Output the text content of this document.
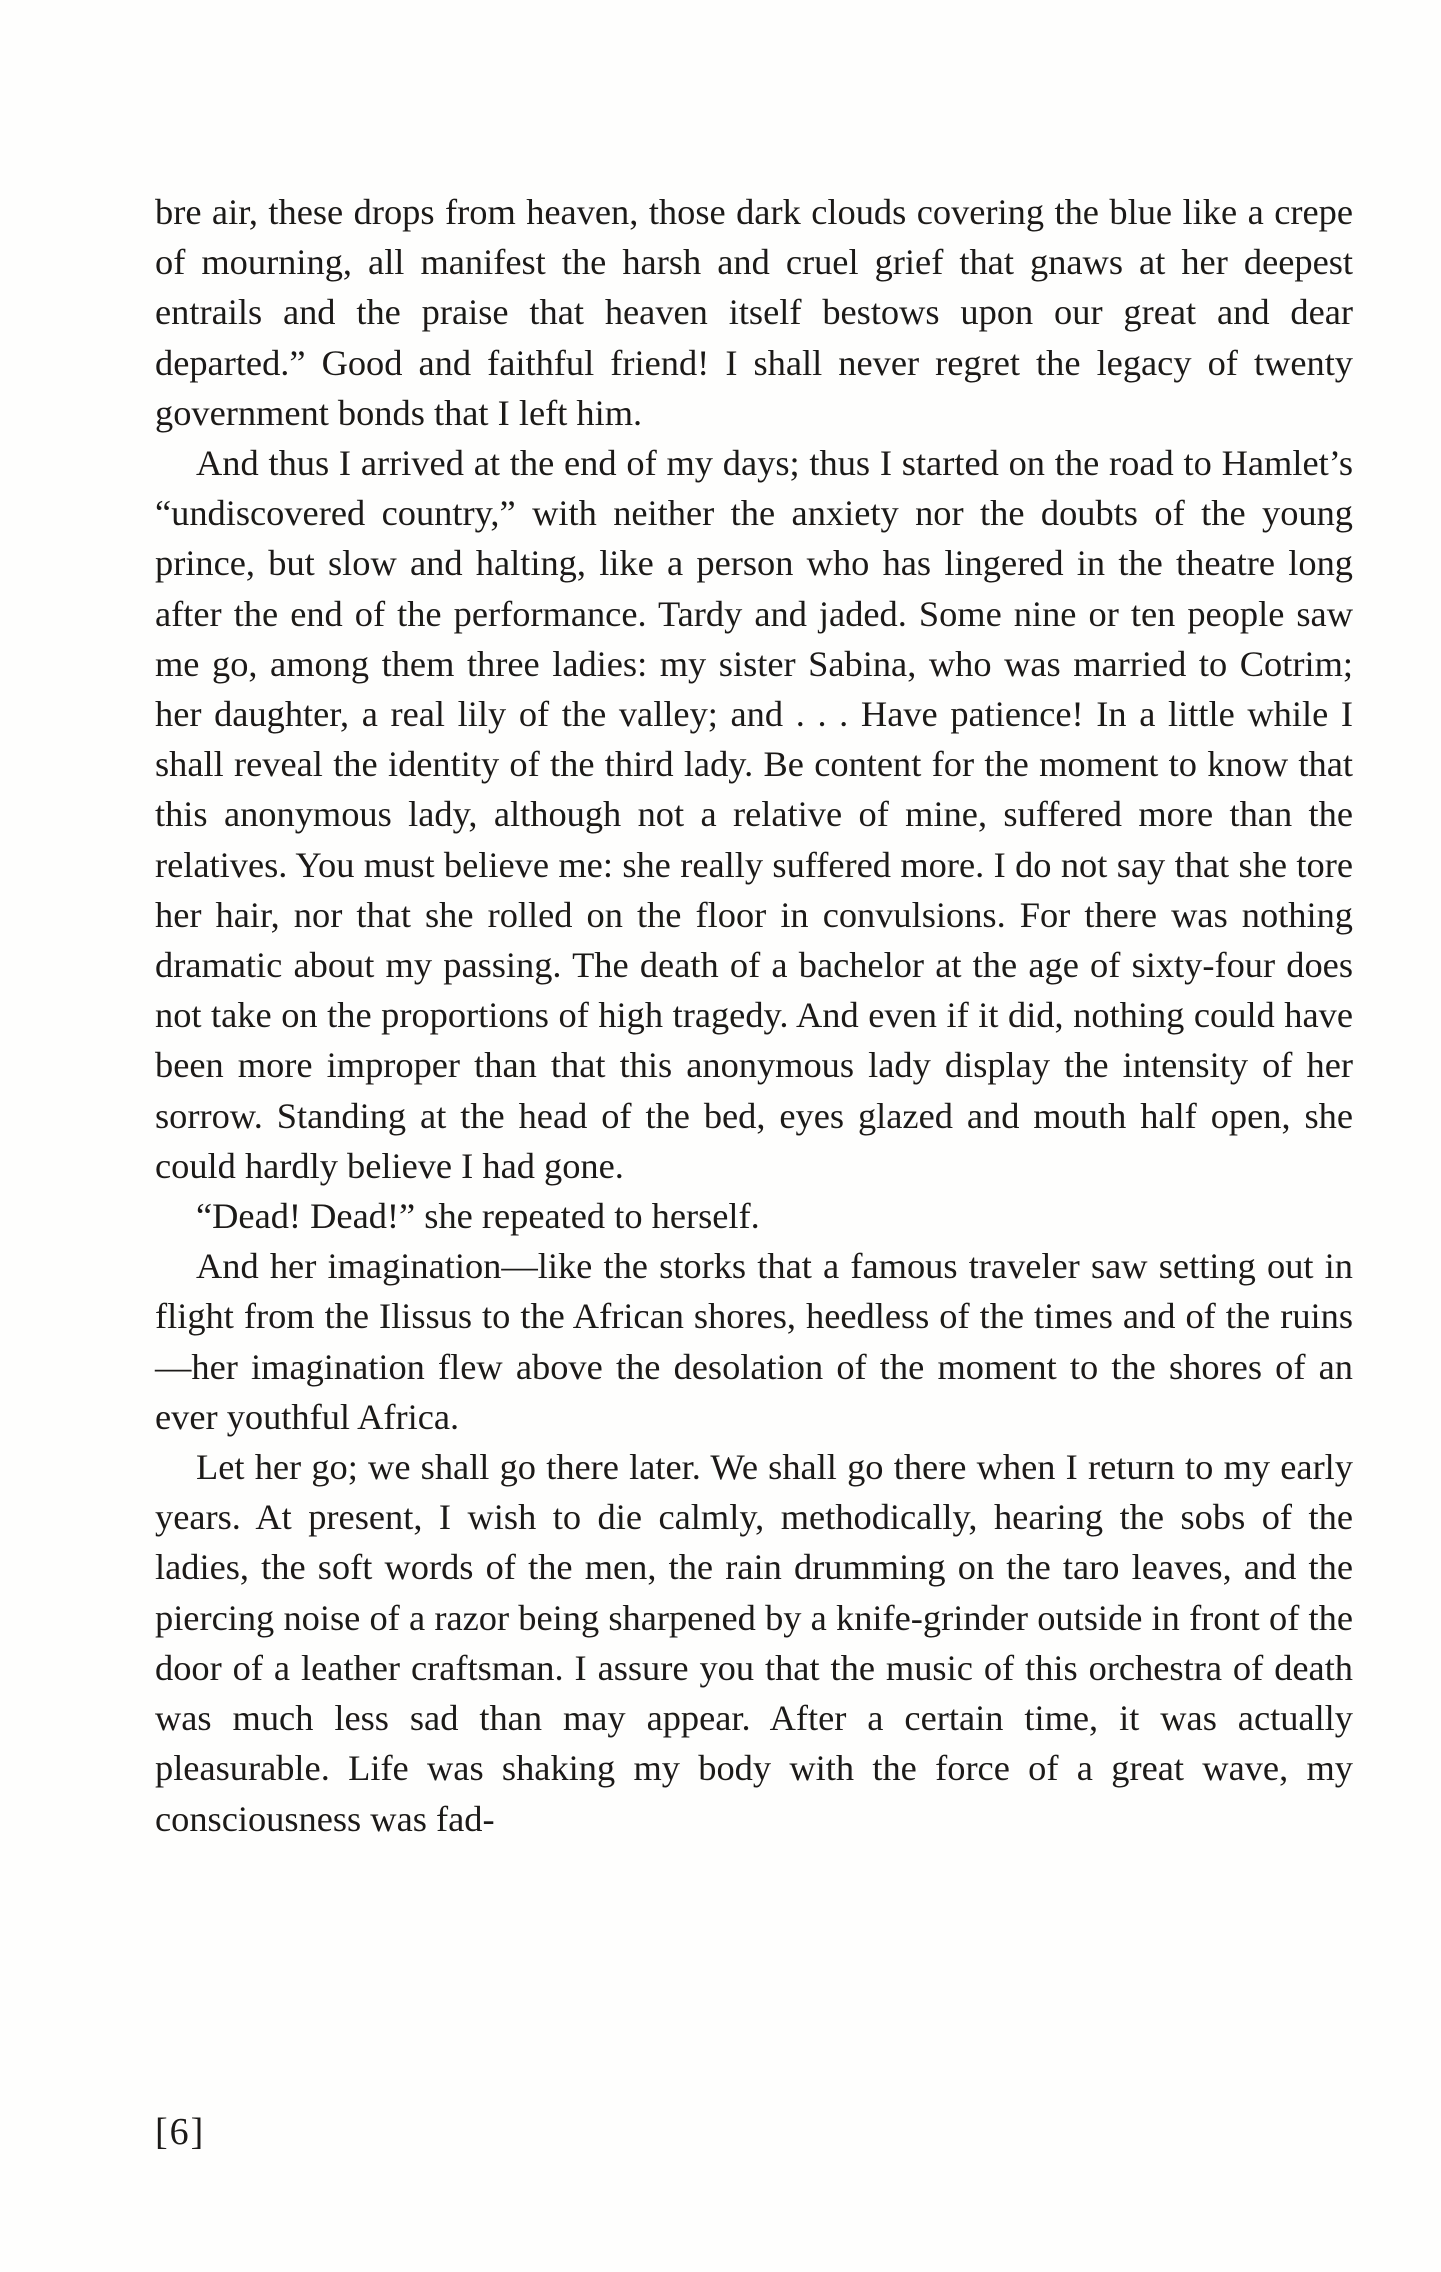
bre air, these drops from heaven, those dark clouds covering the blue like a crepe of mourning, all manifest the harsh and cruel grief that gnaws at her deepest entrails and the praise that heaven itself bestows upon our great and dear departed.” Good and faithful friend! I shall never regret the legacy of twenty government bonds that I left him.

And thus I arrived at the end of my days; thus I started on the road to Hamlet’s “undiscovered country,” with neither the anxiety nor the doubts of the young prince, but slow and halting, like a person who has lingered in the theatre long after the end of the performance. Tardy and jaded. Some nine or ten people saw me go, among them three ladies: my sister Sabina, who was married to Cotrim; her daughter, a real lily of the valley; and . . . Have patience! In a little while I shall reveal the identity of the third lady. Be content for the moment to know that this anonymous lady, although not a relative of mine, suffered more than the relatives. You must believe me: she really suffered more. I do not say that she tore her hair, nor that she rolled on the floor in convulsions. For there was nothing dramatic about my passing. The death of a bachelor at the age of sixty-four does not take on the proportions of high tragedy. And even if it did, nothing could have been more improper than that this anonymous lady display the intensity of her sorrow. Standing at the head of the bed, eyes glazed and mouth half open, she could hardly believe I had gone.

“Dead! Dead!” she repeated to herself.

And her imagination—like the storks that a famous traveler saw setting out in flight from the Ilissus to the African shores, heedless of the times and of the ruins—her imagination flew above the desolation of the moment to the shores of an ever youthful Africa.

Let her go; we shall go there later. We shall go there when I return to my early years. At present, I wish to die calmly, methodically, hearing the sobs of the ladies, the soft words of the men, the rain drumming on the taro leaves, and the piercing noise of a razor being sharpened by a knife-grinder outside in front of the door of a leather craftsman. I assure you that the music of this orchestra of death was much less sad than may appear. After a certain time, it was actually pleasurable. Life was shaking my body with the force of a great wave, my consciousness was fad-

[6]
